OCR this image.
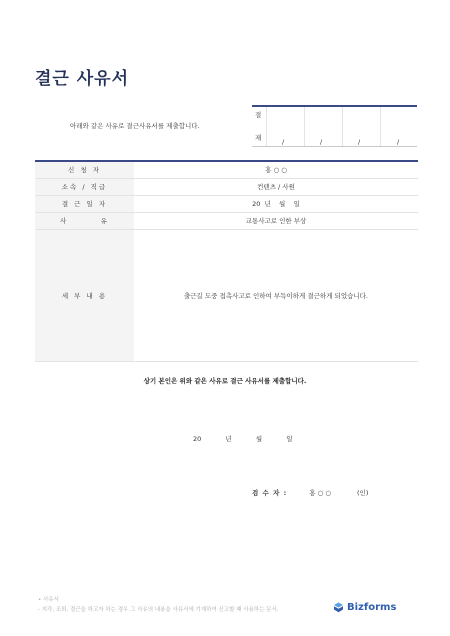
결근 사유서
아래와 같은 사유로 결근사유서를 제출합니다.
결
재	/	/	/	/
신 청 자	홍 ○ ○
소속 / 직급	컨텐츠 / 사원
결 근 일 자	20  년    월    일
사        유	교통사고로 인한 부상
세 부 내 용	출근길 도중 접촉사고로 인하여 부득이하게 결근하게 되었습니다.
상기 본인은 위와 같은 사유로 결근 사유서를 제출합니다.
20  년  월  일
검 수 자 :	홍 ○ ○	(인)
• 사유서
- 지각, 조퇴, 결근을 하고자 하는 경우 그 사유의 내용을 사유서에 기재하여 신고할 때 사용하는 문서.	Bizforms
